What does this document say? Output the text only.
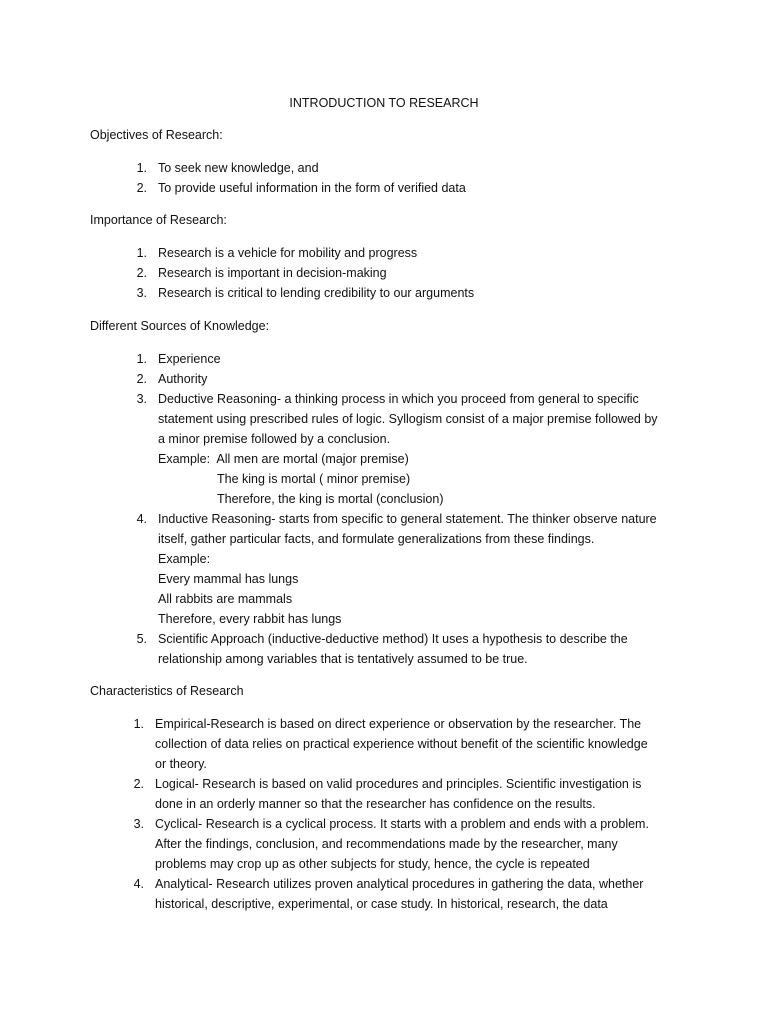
INTRODUCTION TO RESEARCH
Objectives of Research:
1. To seek new knowledge, and
2. To provide useful information in the form of verified data
Importance of Research:
1. Research is a vehicle for mobility and progress
2. Research is important in decision-making
3. Research is critical to lending credibility to our arguments
Different Sources of Knowledge:
1. Experience
2. Authority
3. Deductive Reasoning- a thinking process in which you proceed from general to specific
statement using prescribed rules of logic. Syllogism consist of a major premise followed by
a minor premise followed by a conclusion.
Example:  All men are mortal (major premise)
The king is mortal ( minor premise)
Therefore, the king is mortal (conclusion)
4. Inductive Reasoning- starts from specific to general statement. The thinker observe nature
itself, gather particular facts, and formulate generalizations from these findings.
Example:
Every mammal has lungs
All rabbits are mammals
Therefore, every rabbit has lungs
5. Scientific Approach (inductive-deductive method) It uses a hypothesis to describe the
relationship among variables that is tentatively assumed to be true.
Characteristics of Research
1. Empirical-Research is based on direct experience or observation by the researcher. The
collection of data relies on practical experience without benefit of the scientific knowledge
or theory.
2. Logical- Research is based on valid procedures and principles. Scientific investigation is
done in an orderly manner so that the researcher has confidence on the results.
3. Cyclical- Research is a cyclical process. It starts with a problem and ends with a problem.
After the findings, conclusion, and recommendations made by the researcher, many
problems may crop up as other subjects for study, hence, the cycle is repeated
4. Analytical- Research utilizes proven analytical procedures in gathering the data, whether
historical, descriptive, experimental, or case study. In historical, research, the data
